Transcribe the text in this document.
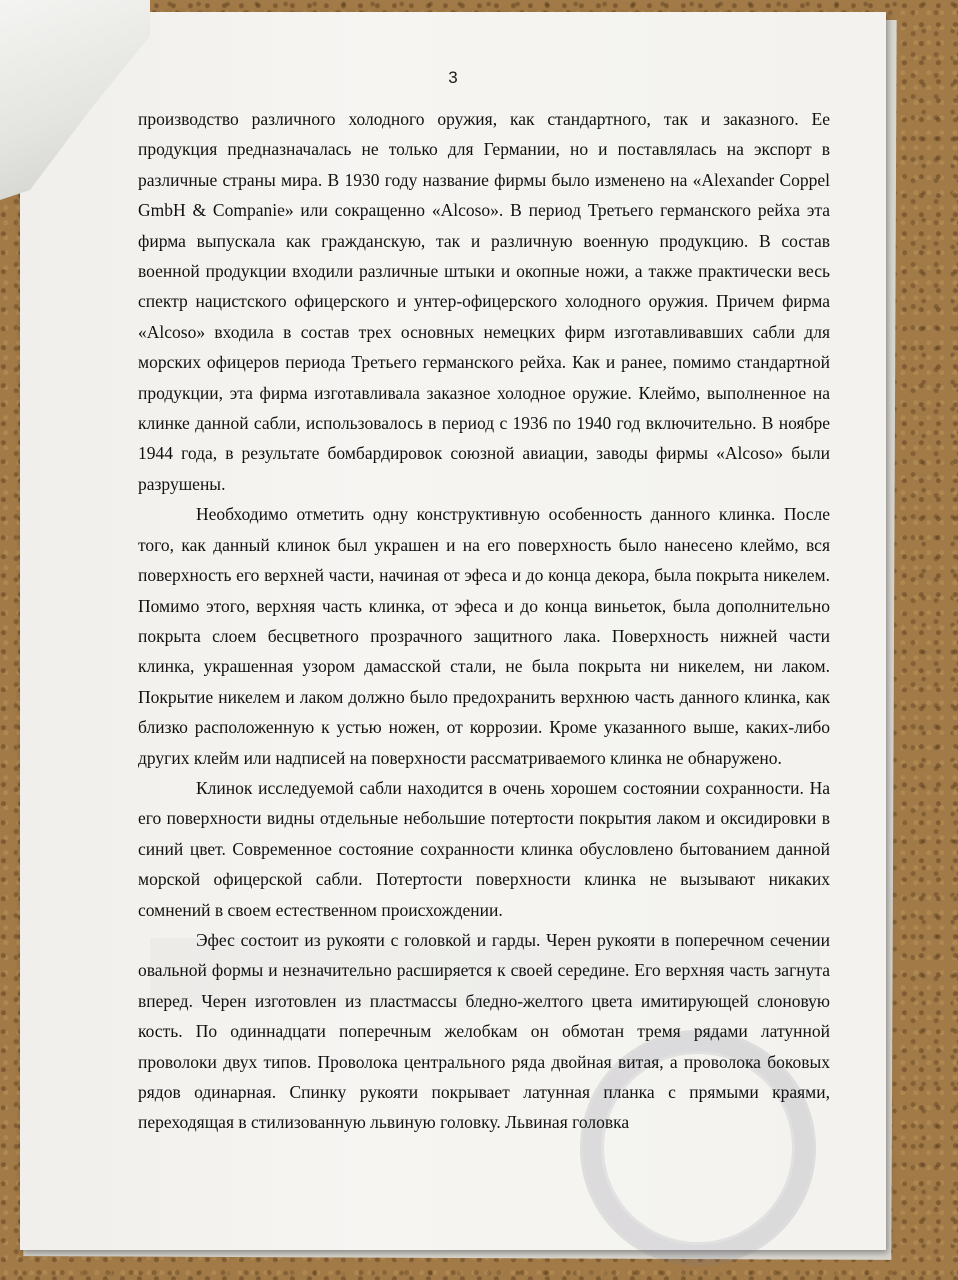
3

производство различного холодного оружия, как стандартного, так и заказного. Ее продукция предназначалась не только для Германии, но и поставлялась на экспорт в различные страны мира. В 1930 году название фирмы было изменено на «Alexander Coppel GmbH & Companie» или сокращенно «Alcoso». В период Третьего германского рейха эта фирма выпускала как гражданскую, так и различную военную продукцию. В состав военной продукции входили различные штыки и окопные ножи, а также практически весь спектр нацистского офицерского и унтер-офицерского холодного оружия. Причем фирма «Alcoso» входила в состав трех основных немецких фирм изготавливавших сабли для морских офицеров периода Третьего германского рейха. Как и ранее, помимо стандартной продукции, эта фирма изготавливала заказное холодное оружие. Клеймо, выполненное на клинке данной сабли, использовалось в период с 1936 по 1940 год включительно. В ноябре 1944 года, в результате бомбардировок союзной авиации, заводы фирмы «Alcoso» были разрушены.

Необходимо отметить одну конструктивную особенность данного клинка. После того, как данный клинок был украшен и на его поверхность было нанесено клеймо, вся поверхность его верхней части, начиная от эфеса и до конца декора, была покрыта никелем. Помимо этого, верхняя часть клинка, от эфеса и до конца виньеток, была дополнительно покрыта слоем бесцветного прозрачного защитного лака. Поверхность нижней части клинка, украшенная узором дамасской стали, не была покрыта ни никелем, ни лаком. Покрытие никелем и лаком должно было предохранить верхнюю часть данного клинка, как близко расположенную к устью ножен, от коррозии. Кроме указанного выше, каких-либо других клейм или надписей на поверхности рассматриваемого клинка не обнаружено.

Клинок исследуемой сабли находится в очень хорошем состоянии сохранности. На его поверхности видны отдельные небольшие потертости покрытия лаком и оксидировки в синий цвет. Современное состояние сохранности клинка обусловлено бытованием данной морской офицерской сабли. Потертости поверхности клинка не вызывают никаких сомнений в своем естественном происхождении.

Эфес состоит из рукояти с головкой и гарды. Черен рукояти в поперечном сечении овальной формы и незначительно расширяется к своей середине. Его верхняя часть загнута вперед. Черен изготовлен из пластмассы бледно-желтого цвета имитирующей слоновую кость. По одиннадцати поперечным желобкам он обмотан тремя рядами латунной проволоки двух типов. Проволока центрального ряда двойная витая, а проволока боковых рядов одинарная. Спинку рукояти покрывает латунная планка с прямыми краями, переходящая в стилизованную львиную головку. Львиная головка
